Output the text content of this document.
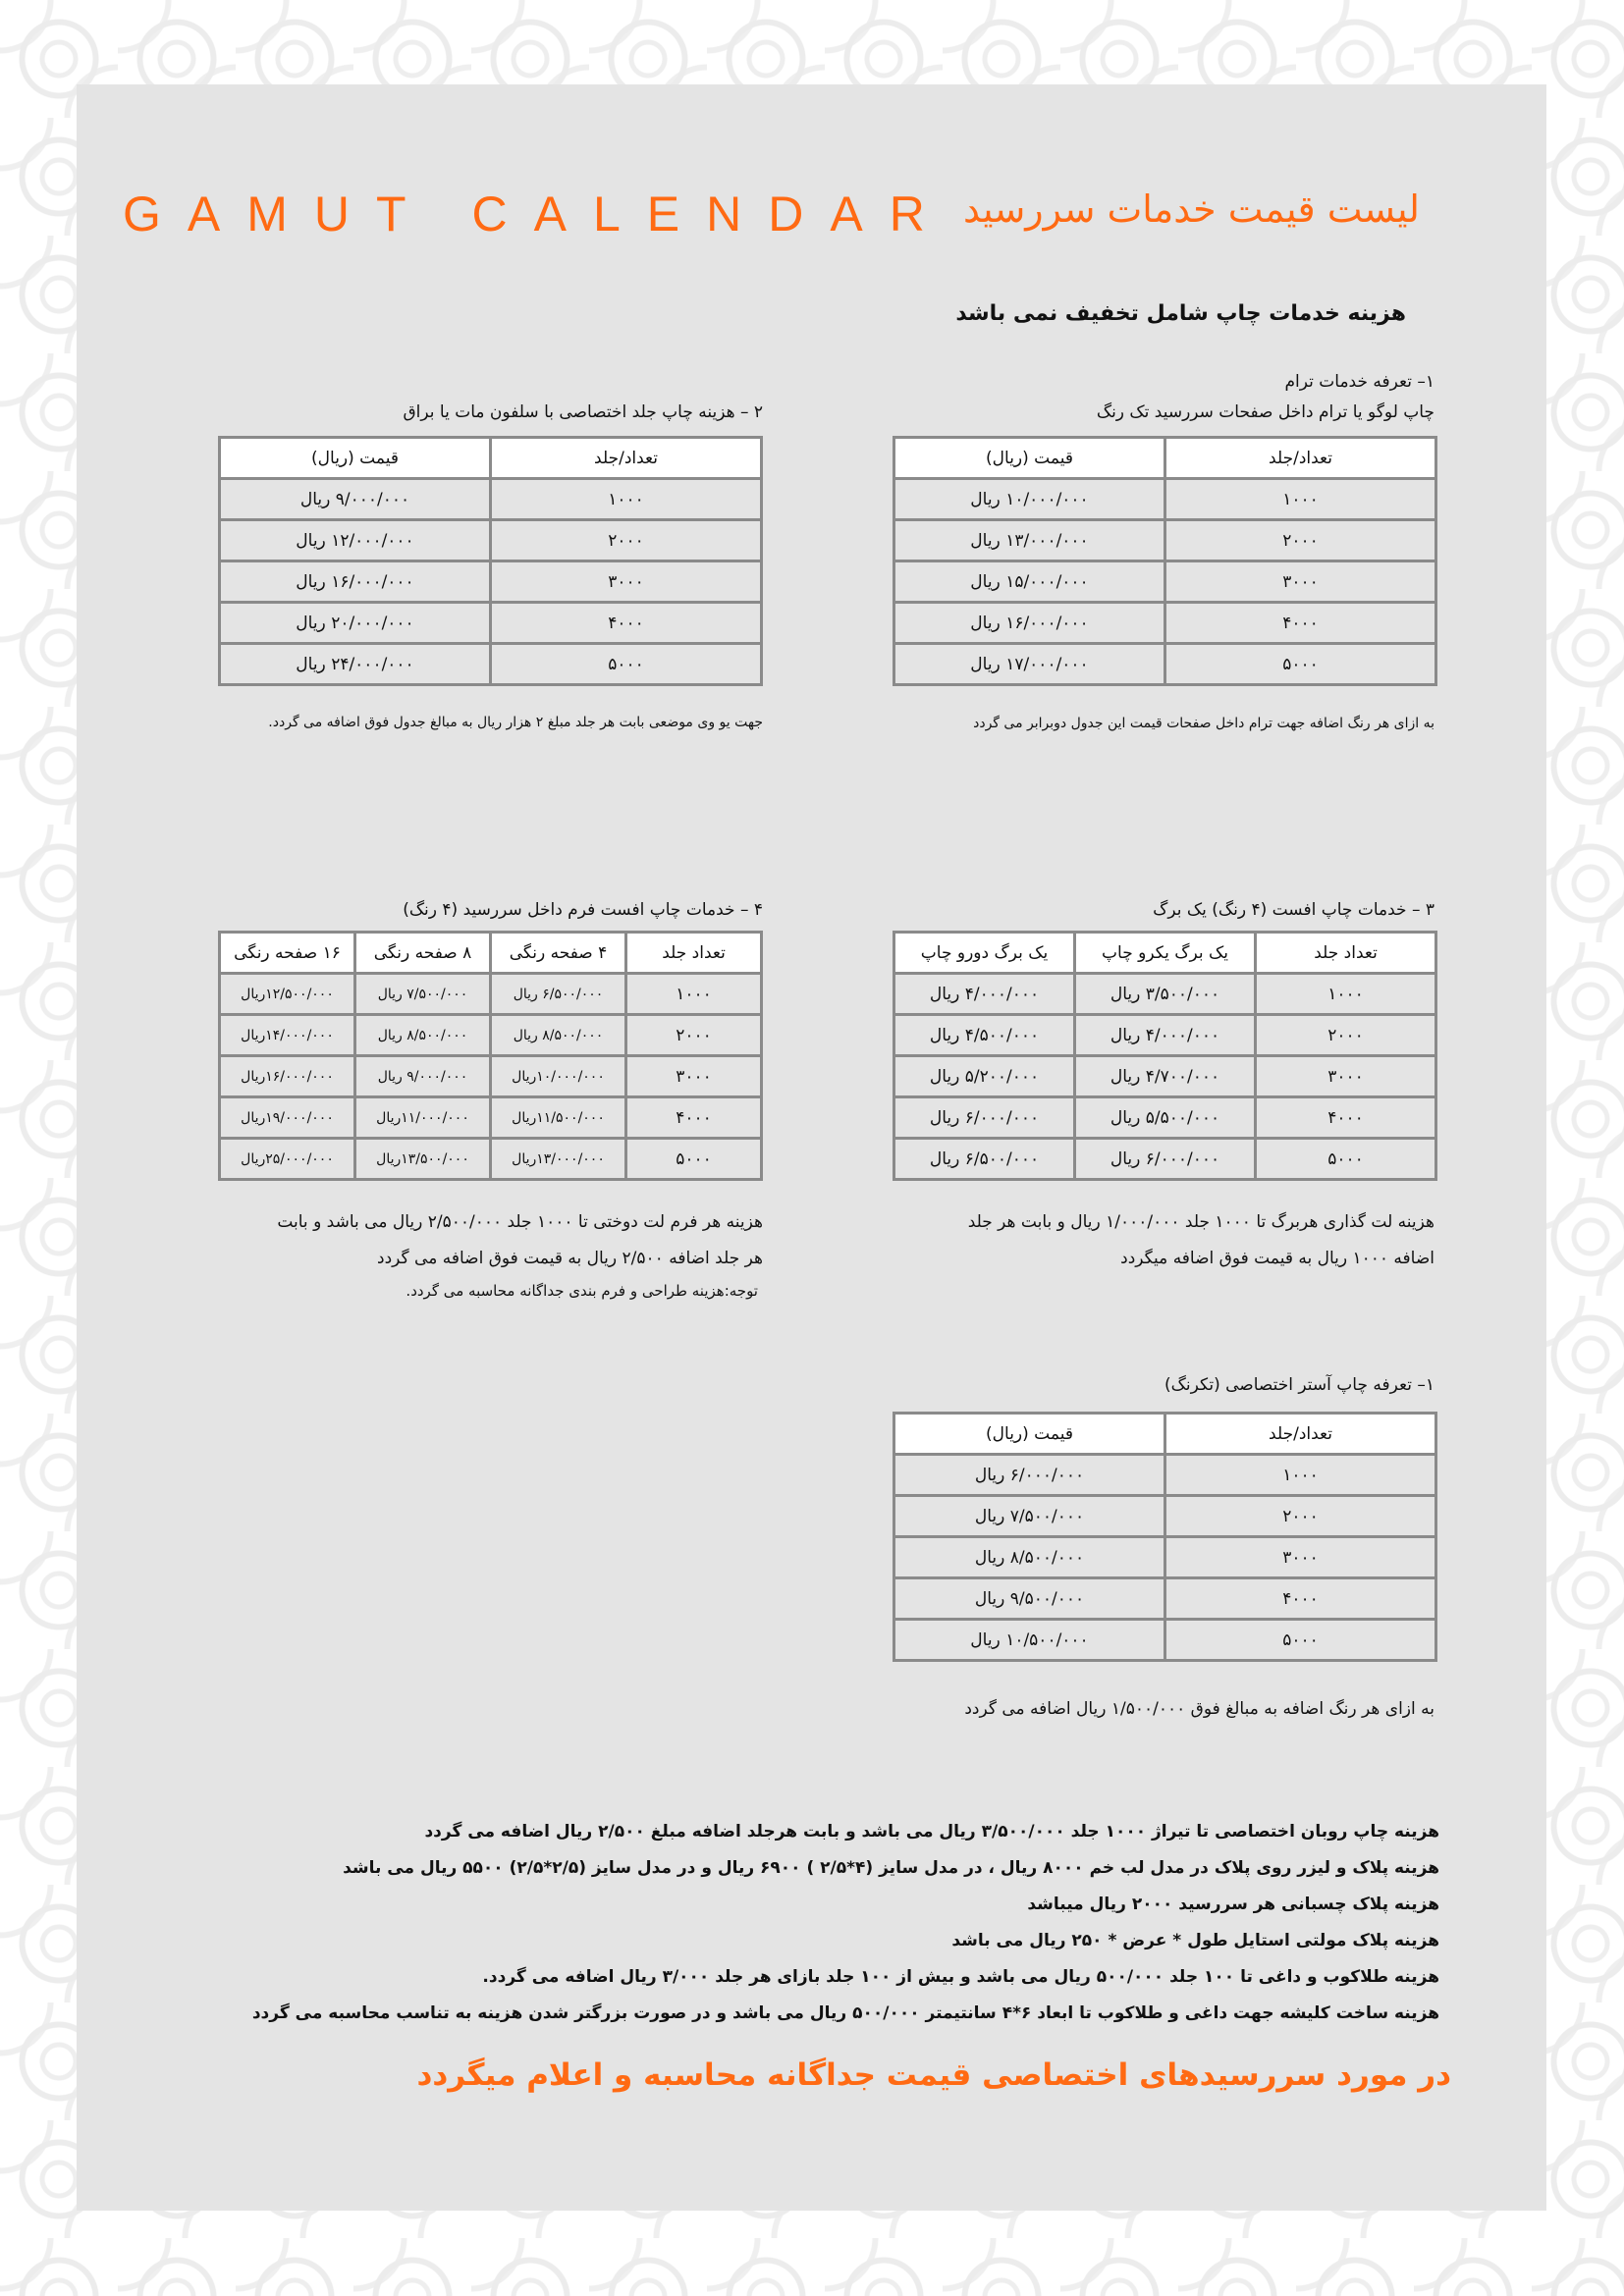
GAMUT CALENDAR لیست قیمت خدمات سررسید
هزینه خدمات چاپ شامل تخفیف نمی باشد
۱– تعرفه خدمات ترام
چاپ لوگو یا ترام داخل صفحات سررسید تک رنگ
تعداد/جلد	قیمت (ریال)
۱۰۰۰	۱۰/۰۰۰/۰۰۰ ریال
۲۰۰۰	۱۳/۰۰۰/۰۰۰ ریال
۳۰۰۰	۱۵/۰۰۰/۰۰۰ ریال
۴۰۰۰	۱۶/۰۰۰/۰۰۰ ریال
۵۰۰۰	۱۷/۰۰۰/۰۰۰ ریال
به ازای هر رنگ اضافه جهت ترام داخل صفحات قیمت این جدول دوبرابر می گردد
۲ – هزینه چاپ جلد اختصاصی با سلفون مات یا براق
تعداد/جلد	قیمت (ریال)
۱۰۰۰	۹/۰۰۰/۰۰۰ ریال
۲۰۰۰	۱۲/۰۰۰/۰۰۰ ریال
۳۰۰۰	۱۶/۰۰۰/۰۰۰ ریال
۴۰۰۰	۲۰/۰۰۰/۰۰۰ ریال
۵۰۰۰	۲۴/۰۰۰/۰۰۰ ریال
جهت یو وی موضعی بابت هر جلد مبلغ ۲ هزار ریال به مبالغ جدول فوق اضافه می گردد.
۳ – خدمات چاپ افست (۴ رنگ) یک برگ
تعداد جلد	یک برگ یکرو چاپ	یک برگ دورو چاپ
۱۰۰۰	۳/۵۰۰/۰۰۰ ریال	۴/۰۰۰/۰۰۰ ریال
۲۰۰۰	۴/۰۰۰/۰۰۰ ریال	۴/۵۰۰/۰۰۰ ریال
۳۰۰۰	۴/۷۰۰/۰۰۰ ریال	۵/۲۰۰/۰۰۰ ریال
۴۰۰۰	۵/۵۰۰/۰۰۰ ریال	۶/۰۰۰/۰۰۰ ریال
۵۰۰۰	۶/۰۰۰/۰۰۰ ریال	۶/۵۰۰/۰۰۰ ریال
هزینه لت گذاری هربرگ تا ۱۰۰۰ جلد ۱/۰۰۰/۰۰۰ ریال و بابت هر جلد
اضافه ۱۰۰۰ ریال به قیمت فوق اضافه میگردد
۴ – خدمات چاپ افست فرم داخل سررسید (۴ رنگ)
تعداد جلد	۴ صفحه رنگی	۸ صفحه رنگی	۱۶ صفحه رنگی
۱۰۰۰	۶/۵۰۰/۰۰۰ ریال	۷/۵۰۰/۰۰۰ ریال	۱۲/۵۰۰/۰۰۰ریال
۲۰۰۰	۸/۵۰۰/۰۰۰ ریال	۸/۵۰۰/۰۰۰ ریال	۱۴/۰۰۰/۰۰۰ریال
۳۰۰۰	۱۰/۰۰۰/۰۰۰ریال	۹/۰۰۰/۰۰۰ ریال	۱۶/۰۰۰/۰۰۰ریال
۴۰۰۰	۱۱/۵۰۰/۰۰۰ریال	۱۱/۰۰۰/۰۰۰ریال	۱۹/۰۰۰/۰۰۰ریال
۵۰۰۰	۱۳/۰۰۰/۰۰۰ریال	۱۳/۵۰۰/۰۰۰ریال	۲۵/۰۰۰/۰۰۰ریال
هزینه هر فرم لت دوختی تا ۱۰۰۰ جلد ۲/۵۰۰/۰۰۰ ریال می باشد و بابت
هر جلد اضافه ۲/۵۰۰ ریال به قیمت فوق اضافه می گردد
توجه:هزینه طراحی و فرم بندی جداگانه محاسبه می گردد.
۱– تعرفه چاپ آستر اختصاصی (تکرنگ)
تعداد/جلد	قیمت (ریال)
۱۰۰۰	۶/۰۰۰/۰۰۰ ریال
۲۰۰۰	۷/۵۰۰/۰۰۰ ریال
۳۰۰۰	۸/۵۰۰/۰۰۰ ریال
۴۰۰۰	۹/۵۰۰/۰۰۰ ریال
۵۰۰۰	۱۰/۵۰۰/۰۰۰ ریال
به ازای هر رنگ اضافه به مبالغ فوق ۱/۵۰۰/۰۰۰ ریال اضافه می گردد
هزینه چاپ روبان اختصاصی تا تیراژ ۱۰۰۰ جلد ۳/۵۰۰/۰۰۰ ریال می باشد و بابت هرجلد اضافه مبلغ ۲/۵۰۰ ریال اضافه می گردد
هزینه پلاک و لیزر روی پلاک در مدل لب خم ۸۰۰۰ ریال ، در مدل سایز (۴*۲/۵ ) ۶۹۰۰ ریال و در مدل سایز (۲/۵*۲/۵) ۵۵۰۰ ریال می باشد
هزینه پلاک چسبانی هر سررسید ۲۰۰۰ ریال میباشد
هزینه پلاک مولتی استایل طول * عرض * ۲۵۰ ریال می باشد
هزینه طلاکوب و داغی تا ۱۰۰ جلد ۵۰۰/۰۰۰ ریال می باشد و بیش از ۱۰۰ جلد بازای هر جلد ۳/۰۰۰ ریال اضافه می گردد.
هزینه ساخت کلیشه جهت داغی و طلاکوب تا ابعاد ۶*۴ سانتیمتر ۵۰۰/۰۰۰ ریال می باشد و در صورت بزرگتر شدن هزینه به تناسب محاسبه می گردد
در مورد سررسیدهای اختصاصی قیمت جداگانه محاسبه و اعلام میگردد
